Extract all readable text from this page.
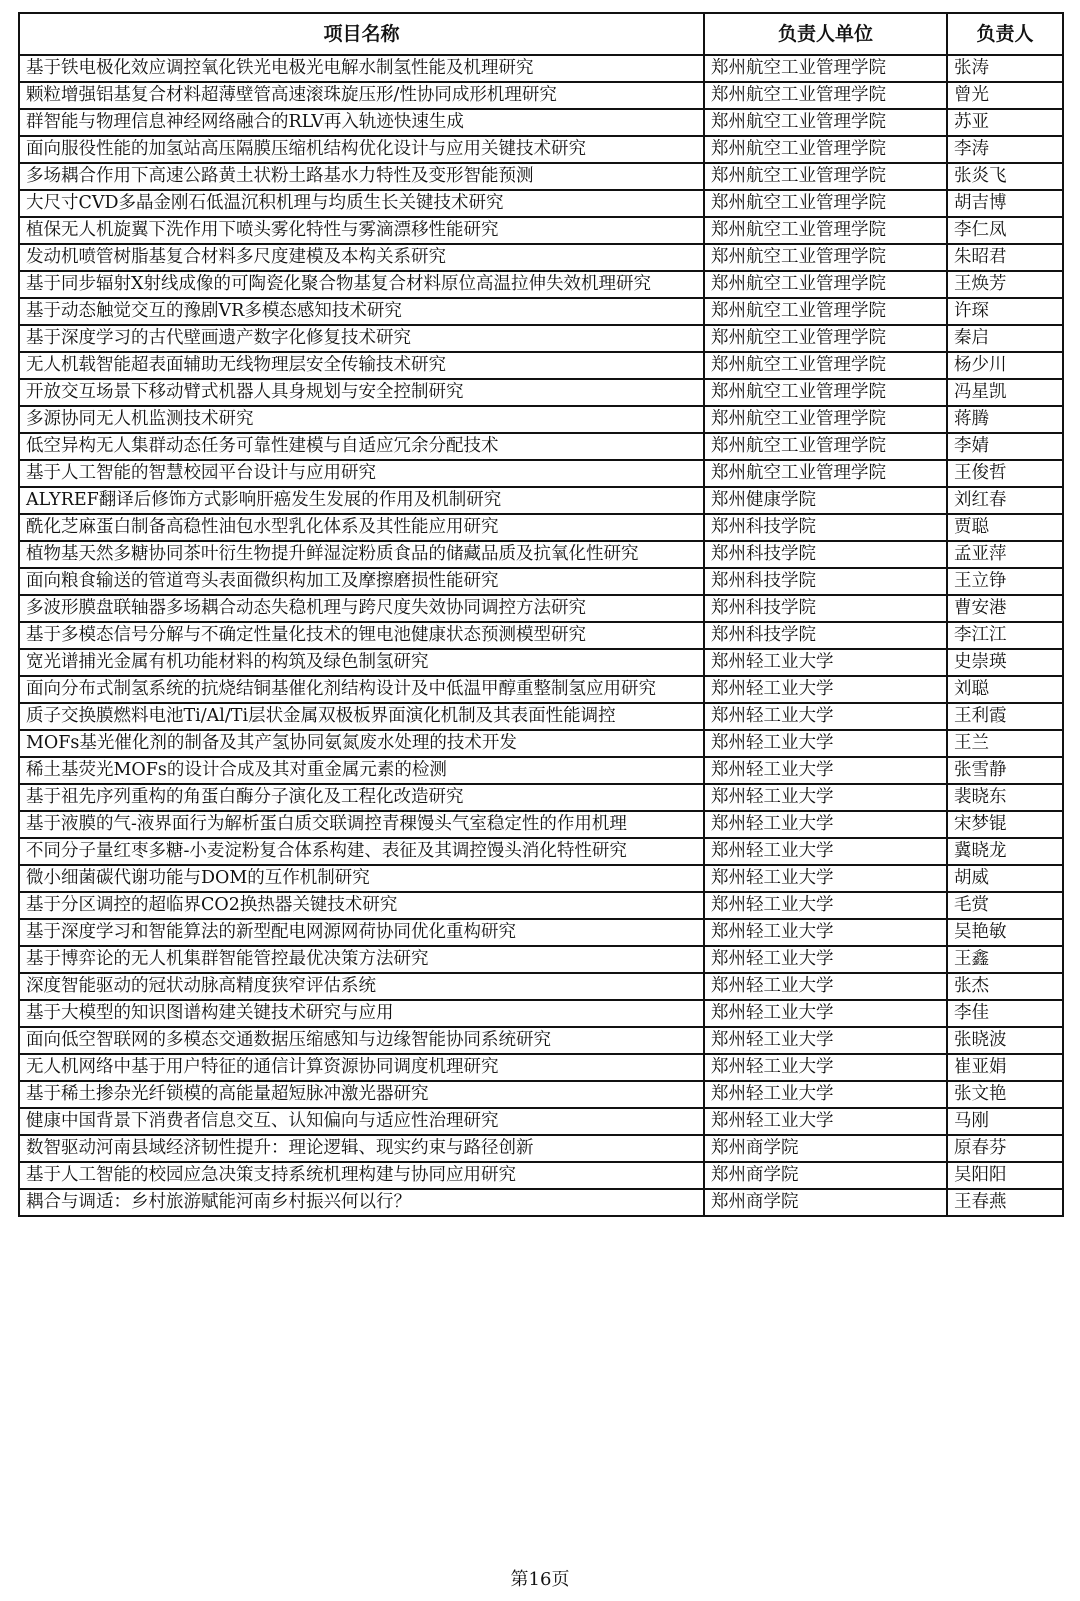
项目名称	负责人单位	负责人
基于铁电极化效应调控氧化铁光电极光电解水制氢性能及机理研究	郑州航空工业管理学院	张涛
颗粒增强铝基复合材料超薄壁管高速滚珠旋压形/性协同成形机理研究	郑州航空工业管理学院	曾光
群智能与物理信息神经网络融合的RLV再入轨迹快速生成	郑州航空工业管理学院	苏亚
面向服役性能的加氢站高压隔膜压缩机结构优化设计与应用关键技术研究	郑州航空工业管理学院	李涛
多场耦合作用下高速公路黄土状粉土路基水力特性及变形智能预测	郑州航空工业管理学院	张炎飞
大尺寸CVD多晶金刚石低温沉积机理与均质生长关键技术研究	郑州航空工业管理学院	胡吉博
植保无人机旋翼下洗作用下喷头雾化特性与雾滴漂移性能研究	郑州航空工业管理学院	李仁凤
发动机喷管树脂基复合材料多尺度建模及本构关系研究	郑州航空工业管理学院	朱昭君
基于同步辐射X射线成像的可陶瓷化聚合物基复合材料原位高温拉伸失效机理研究	郑州航空工业管理学院	王焕芳
基于动态触觉交互的豫剧VR多模态感知技术研究	郑州航空工业管理学院	许琛
基于深度学习的古代壁画遗产数字化修复技术研究	郑州航空工业管理学院	秦启
无人机载智能超表面辅助无线物理层安全传输技术研究	郑州航空工业管理学院	杨少川
开放交互场景下移动臂式机器人具身规划与安全控制研究	郑州航空工业管理学院	冯星凯
多源协同无人机监测技术研究	郑州航空工业管理学院	蒋腾
低空异构无人集群动态任务可靠性建模与自适应冗余分配技术	郑州航空工业管理学院	李婧
基于人工智能的智慧校园平台设计与应用研究	郑州航空工业管理学院	王俊哲
ALYREF翻译后修饰方式影响肝癌发生发展的作用及机制研究	郑州健康学院	刘红春
酰化芝麻蛋白制备高稳性油包水型乳化体系及其性能应用研究	郑州科技学院	贾聪
植物基天然多糖协同茶叶衍生物提升鲜湿淀粉质食品的储藏品质及抗氧化性研究	郑州科技学院	孟亚萍
面向粮食输送的管道弯头表面微织构加工及摩擦磨损性能研究	郑州科技学院	王立铮
多波形膜盘联轴器多场耦合动态失稳机理与跨尺度失效协同调控方法研究	郑州科技学院	曹安港
基于多模态信号分解与不确定性量化技术的锂电池健康状态预测模型研究	郑州科技学院	李江江
宽光谱捕光金属有机功能材料的构筑及绿色制氢研究	郑州轻工业大学	史崇瑛
面向分布式制氢系统的抗烧结铜基催化剂结构设计及中低温甲醇重整制氢应用研究	郑州轻工业大学	刘聪
质子交换膜燃料电池Ti/Al/Ti层状金属双极板界面演化机制及其表面性能调控	郑州轻工业大学	王利霞
MOFs基光催化剂的制备及其产氢协同氨氮废水处理的技术开发	郑州轻工业大学	王兰
稀土基荧光MOFs的设计合成及其对重金属元素的检测	郑州轻工业大学	张雪静
基于祖先序列重构的角蛋白酶分子演化及工程化改造研究	郑州轻工业大学	裴晓东
基于液膜的气-液界面行为解析蛋白质交联调控青稞馒头气室稳定性的作用机理	郑州轻工业大学	宋梦锟
不同分子量红枣多糖-小麦淀粉复合体系构建、表征及其调控馒头消化特性研究	郑州轻工业大学	冀晓龙
微小细菌碳代谢功能与DOM的互作机制研究	郑州轻工业大学	胡威
基于分区调控的超临界CO2换热器关键技术研究	郑州轻工业大学	毛赏
基于深度学习和智能算法的新型配电网源网荷协同优化重构研究	郑州轻工业大学	吴艳敏
基于博弈论的无人机集群智能管控最优决策方法研究	郑州轻工业大学	王鑫
深度智能驱动的冠状动脉高精度狭窄评估系统	郑州轻工业大学	张杰
基于大模型的知识图谱构建关键技术研究与应用	郑州轻工业大学	李佳
面向低空智联网的多模态交通数据压缩感知与边缘智能协同系统研究	郑州轻工业大学	张晓波
无人机网络中基于用户特征的通信计算资源协同调度机理研究	郑州轻工业大学	崔亚娟
基于稀土掺杂光纤锁模的高能量超短脉冲激光器研究	郑州轻工业大学	张文艳
健康中国背景下消费者信息交互、认知偏向与适应性治理研究	郑州轻工业大学	马刚
数智驱动河南县域经济韧性提升：理论逻辑、现实约束与路径创新	郑州商学院	原春芬
基于人工智能的校园应急决策支持系统机理构建与协同应用研究	郑州商学院	吴阳阳
耦合与调适：乡村旅游赋能河南乡村振兴何以行？	郑州商学院	王春燕
第16页
